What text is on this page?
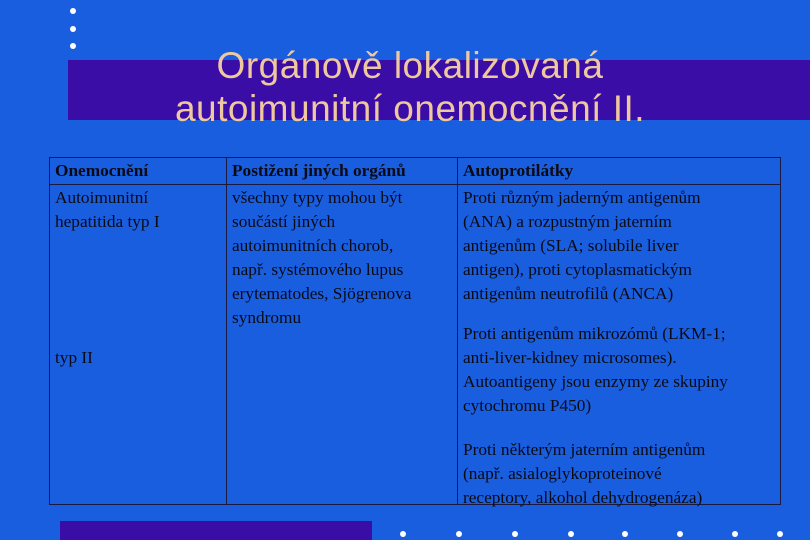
Orgánově lokalizovaná
autoimunitní onemocnění II.
Onemocnění
Autoimunitní
hepatitida typ I
typ II
Postižení jiných orgánů
všechny typy mohou být
součástí jiných
autoimunitních chorob,
např. systémového lupus
erytematodes, Sjögrenova
syndromu
Autoprotilátky
Proti různým jaderným antigenům
(ANA) a rozpustným jaterním
antigenům (SLA; solubile liver
antigen), proti cytoplasmatickým
antigenům neutrofilů (ANCA)
Proti antigenům mikrozómů (LKM-1;
anti-liver-kidney microsomes).
Autoantigeny jsou enzymy ze skupiny
cytochromu P450)
Proti některým jaterním antigenům
(např. asialoglykoproteinové
receptory, alkohol dehydrogenáza)
